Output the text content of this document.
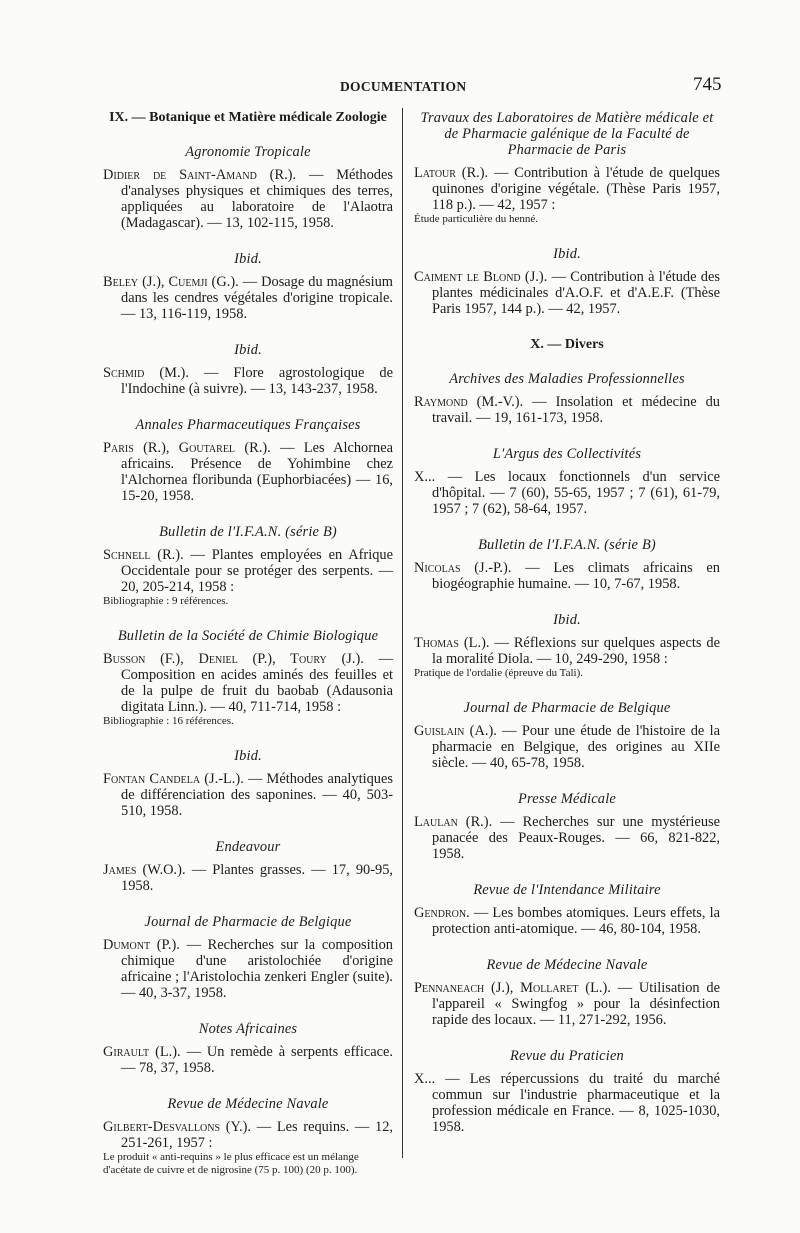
DOCUMENTATION	745
IX. — Botanique et Matière médicale Zoologie
Agronomie Tropicale
Didier de Saint-Amand (R.). — Méthodes d'analyses physiques et chimiques des terres, appliquées au laboratoire de l'Alaotra (Madagascar). — 13, 102-115, 1958.
Ibid.
Beley (J.), Cuemji (G.). — Dosage du magnésium dans les cendres végétales d'origine tropicale. — 13, 116-119, 1958.
Ibid.
Schmid (M.). — Flore agrostologique de l'Indochine (à suivre). — 13, 143-237, 1958.
Annales Pharmaceutiques Françaises
Paris (R.), Goutarel (R.). — Les Alchornea africains. Présence de Yohimbine chez l'Alchornea floribunda (Euphorbiacées) — 16, 15-20, 1958.
Bulletin de l'I.F.A.N. (série B)
Schnell (R.). — Plantes employées en Afrique Occidentale pour se protéger des serpents. — 20, 205-214, 1958 :
Bibliographie : 9 références.
Bulletin de la Société de Chimie Biologique
Busson (F.), Deniel (P.), Toury (J.). — Composition en acides aminés des feuilles et de la pulpe de fruit du baobab (Adausonia digitata Linn.). — 40, 711-714, 1958 :
Bibliographie : 16 références.
Ibid.
Fontan Candela (J.-L.). — Méthodes analytiques de différenciation des saponines. — 40, 503-510, 1958.
Endeavour
James (W.O.). — Plantes grasses. — 17, 90-95, 1958.
Journal de Pharmacie de Belgique
Dumont (P.). — Recherches sur la composition chimique d'une aristolochiée d'origine africaine ; l'Aristolochia zenkeri Engler (suite). — 40, 3-37, 1958.
Notes Africaines
Girault (L.). — Un remède à serpents efficace. — 78, 37, 1958.
Revue de Médecine Navale
Gilbert-Desvallons (Y.). — Les requins. — 12, 251-261, 1957 :
Le produit « anti-requins » le plus efficace est un mélange d'acétate de cuivre et de nigrosine (75 p. 100) (20 p. 100).
Travaux des Laboratoires de Matière médicale et de Pharmacie galénique de la Faculté de Pharmacie de Paris
Latour (R.). — Contribution à l'étude de quelques quinones d'origine végétale. (Thèse Paris 1957, 118 p.). — 42, 1957 :
Étude particulière du henné.
Ibid.
Caiment le Blond (J.). — Contribution à l'étude des plantes médicinales d'A.O.F. et d'A.E.F. (Thèse Paris 1957, 144 p.). — 42, 1957.
X. — Divers
Archives des Maladies Professionnelles
Raymond (M.-V.). — Insolation et médecine du travail. — 19, 161-173, 1958.
L'Argus des Collectivités
X... — Les locaux fonctionnels d'un service d'hôpital. — 7 (60), 55-65, 1957 ; 7 (61), 61-79, 1957 ; 7 (62), 58-64, 1957.
Bulletin de l'I.F.A.N. (série B)
Nicolas (J.-P.). — Les climats africains en biogéographie humaine. — 10, 7-67, 1958.
Ibid.
Thomas (L.). — Réflexions sur quelques aspects de la moralité Diola. — 10, 249-290, 1958 :
Pratique de l'ordalie (épreuve du Tali).
Journal de Pharmacie de Belgique
Guislain (A.). — Pour une étude de l'histoire de la pharmacie en Belgique, des origines au XIIe siècle. — 40, 65-78, 1958.
Presse Médicale
Laulan (R.). — Recherches sur une mystérieuse panacée des Peaux-Rouges. — 66, 821-822, 1958.
Revue de l'Intendance Militaire
Gendron. — Les bombes atomiques. Leurs effets, la protection anti-atomique. — 46, 80-104, 1958.
Revue de Médecine Navale
Pennaneach (J.), Mollaret (L.). — Utilisation de l'appareil « Swingfog » pour la désinfection rapide des locaux. — 11, 271-292, 1956.
Revue du Praticien
X... — Les répercussions du traité du marché commun sur l'industrie pharmaceutique et la profession médicale en France. — 8, 1025-1030, 1958.
